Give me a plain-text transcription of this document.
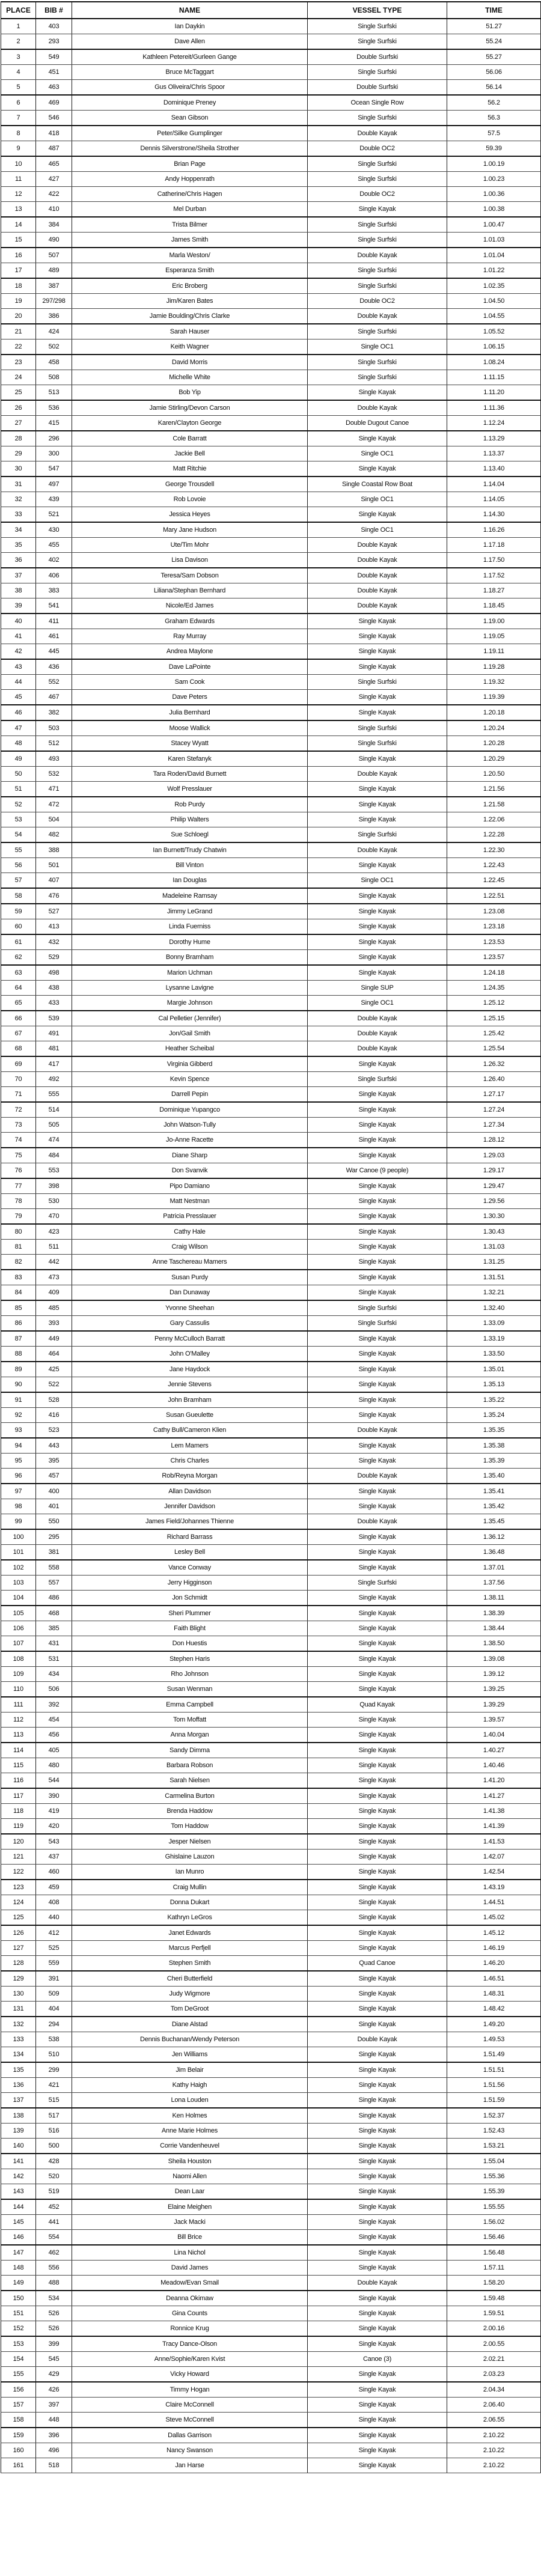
PLACE	BIB #	NAME	VESSEL TYPE	TIME
1	403	Ian Daykin	Single Surfski	51.27
2	293	Dave Allen	Single Surfski	55.24
3	549	Kathleen Petereit/Gurleen Gange	Double Surfski	55.27
4	451	Bruce McTaggart	Single Surfski	56.06
5	463	Gus Oliveira/Chris Spoor	Double Surfski	56.14
6	469	Dominique Preney	Ocean Single Row	56.2
7	546	Sean Gibson	Single Surfski	56.3
8	418	Peter/Silke Gumplinger	Double Kayak	57.5
9	487	Dennis Silverstrone/Sheila Strother	Double OC2	59.39
10	465	Brian Page	Single Surfski	1.00.19
11	427	Andy Hoppenrath	Single Surfski	1.00.23
12	422	Catherine/Chris Hagen	Double OC2	1.00.36
13	410	Mel Durban	Single Kayak	1.00.38
14	384	Trista Bilmer	Single Surfski	1.00.47
15	490	James Smith	Single Surfski	1.01.03
16	507	Marla Weston/	Double Kayak	1.01.04
17	489	Esperanza Smith	Single Surfski	1.01.22
18	387	Eric Broberg	Single Surfski	1.02.35
19	297/298	Jim/Karen Bates	Double OC2	1.04.50
20	386	Jamie Boulding/Chris Clarke	Double Kayak	1.04.55
21	424	Sarah Hauser	Single Surfski	1.05.52
22	502	Keith Wagner	Single OC1	1.06.15
23	458	David Morris	Single Surfski	1.08.24
24	508	Michelle White	Single Surfski	1.11.15
25	513	Bob Yip	Single Kayak	1.11.20
26	536	Jamie Stirling/Devon Carson	Double Kayak	1.11.36
27	415	Karen/Clayton George	Double Dugout Canoe	1.12.24
28	296	Cole Barratt	Single Kayak	1.13.29
29	300	Jackie Bell	Single OC1	1.13.37
30	547	Matt Ritchie	Single Kayak	1.13.40
31	497	George Trousdell	Single Coastal Row Boat	1.14.04
32	439	Rob Lovoie	Single OC1	1.14.05
33	521	Jessica Heyes	Single Kayak	1.14.30
34	430	Mary Jane Hudson	Single OC1	1.16.26
35	455	Ute/Tim Mohr	Double Kayak	1.17.18
36	402	Lisa Davison	Double Kayak	1.17.50
37	406	Teresa/Sam Dobson	Double Kayak	1.17.52
38	383	Liliana/Stephan Bernhard	Double Kayak	1.18.27
39	541	Nicole/Ed James	Double Kayak	1.18.45
40	411	Graham Edwards	Single Kayak	1.19.00
41	461	Ray Murray	Single Kayak	1.19.05
42	445	Andrea Maylone	Single Kayak	1.19.11
43	436	Dave LaPointe	Single Kayak	1.19.28
44	552	Sam Cook	Single Surfski	1.19.32
45	467	Dave Peters	Single Kayak	1.19.39
46	382	Julia Bernhard	Single Kayak	1.20.18
47	503	Moose Wallick	Single Surfski	1.20.24
48	512	Stacey Wyatt	Single Surfski	1.20.28
49	493	Karen Stefanyk	Single Kayak	1.20.29
50	532	Tara Roden/David Burnett	Double Kayak	1.20.50
51	471	Wolf Presslauer	Single Kayak	1.21.56
52	472	Rob Purdy	Single Kayak	1.21.58
53	504	Philip Walters	Single Kayak	1.22.06
54	482	Sue Schloegl	Single Surfski	1.22.28
55	388	Ian Burnett/Trudy Chatwin	Double Kayak	1.22.30
56	501	Bill Vinton	Single Kayak	1.22.43
57	407	Ian Douglas	Single OC1	1.22.45
58	476	Madeleine Ramsay	Single Kayak	1.22.51
59	527	Jimmy LeGrand	Single Kayak	1.23.08
60	413	Linda Fuerniss	Single Kayak	1.23.18
61	432	Dorothy Hume	Single Kayak	1.23.53
62	529	Bonny Bramham	Single Kayak	1.23.57
63	498	Marion Uchman	Single Kayak	1.24.18
64	438	Lysanne Lavigne	Single SUP	1.24.35
65	433	Margie Johnson	Single OC1	1.25.12
66	539	Cal Pelletier (Jennifer)	Double Kayak	1.25.15
67	491	Jon/Gail Smith	Double Kayak	1.25.42
68	481	Heather Scheibal	Double Kayak	1.25.54
69	417	Virginia Gibberd	Single Kayak	1.26.32
70	492	Kevin Spence	Single Surfski	1.26.40
71	555	Darrell Pepin	Single Kayak	1.27.17
72	514	Dominique Yupangco	Single Kayak	1.27.24
73	505	John Watson-Tully	Single Kayak	1.27.34
74	474	Jo-Anne Racette	Single Kayak	1.28.12
75	484	Diane Sharp	Single Kayak	1.29.03
76	553	Don Svanvik	War Canoe (9 people)	1.29.17
77	398	Pipo Damiano	Single Kayak	1.29.47
78	530	Matt Nestman	Single Kayak	1.29.56
79	470	Patricia Presslauer	Single Kayak	1.30.30
80	423	Cathy Hale	Single Kayak	1.30.43
81	511	Craig Wilson	Single Kayak	1.31.03
82	442	Anne Taschereau Mamers	Single Kayak	1.31.25
83	473	Susan Purdy	Single Kayak	1.31.51
84	409	Dan Dunaway	Single Kayak	1.32.21
85	485	Yvonne Sheehan	Single Surfski	1.32.40
86	393	Gary Cassulis	Single Surfski	1.33.09
87	449	Penny McCulloch Barratt	Single Kayak	1.33.19
88	464	John O'Malley	Single Kayak	1.33.50
89	425	Jane Haydock	Single Kayak	1.35.01
90	522	Jennie Stevens	Single Kayak	1.35.13
91	528	John Bramham	Single Kayak	1.35.22
92	416	Susan Gueulette	Single Kayak	1.35.24
93	523	Cathy Bull/Cameron Klien	Double Kayak	1.35.35
94	443	Lem Mamers	Single Kayak	1.35.38
95	395	Chris Charles	Single Kayak	1.35.39
96	457	Rob/Reyna Morgan	Double Kayak	1.35.40
97	400	Allan Davidson	Single Kayak	1.35.41
98	401	Jennifer Davidson	Single Kayak	1.35.42
99	550	James Field/Johannes Thienne	Double Kayak	1.35.45
100	295	Richard Barrass	Single Kayak	1.36.12
101	381	Lesley Bell	Single Kayak	1.36.48
102	558	Vance Conway	Single Kayak	1.37.01
103	557	Jerry Higginson	Single Surfski	1.37.56
104	486	Jon Schmidt	Single Kayak	1.38.11
105	468	Sheri Plummer	Single Kayak	1.38.39
106	385	Faith Blight	Single Kayak	1.38.44
107	431	Don Huestis	Single Kayak	1.38.50
108	531	Stephen Haris	Single Kayak	1.39.08
109	434	Rho Johnson	Single Kayak	1.39.12
110	506	Susan Wenman	Single Kayak	1.39.25
111	392	Emma Campbell	Quad Kayak	1.39.29
112	454	Tom Moffatt	Single Kayak	1.39.57
113	456	Anna Morgan	Single Kayak	1.40.04
114	405	Sandy Dimma	Single Kayak	1.40.27
115	480	Barbara Robson	Single Kayak	1.40.46
116	544	Sarah Nielsen	Single Kayak	1.41.20
117	390	Carmelina Burton	Single Kayak	1.41.27
118	419	Brenda Haddow	Single Kayak	1.41.38
119	420	Tom Haddow	Single Kayak	1.41.39
120	543	Jesper Nielsen	Single Kayak	1.41.53
121	437	Ghislaine Lauzon	Single Kayak	1.42.07
122	460	Ian Munro	Single Kayak	1.42.54
123	459	Craig Mullin	Single Kayak	1.43.19
124	408	Donna Dukart	Single Kayak	1.44.51
125	440	Kathryn LeGros	Single Kayak	1.45.02
126	412	Janet Edwards	Single Kayak	1.45.12
127	525	Marcus Perfjell	Single Kayak	1.46.19
128	559	Stephen Smith	Quad Canoe	1.46.20
129	391	Cheri Butterfield	Single Kayak	1.46.51
130	509	Judy Wigmore	Single Kayak	1.48.31
131	404	Tom DeGroot	Single Kayak	1.48.42
132	294	Diane Alstad	Single Kayak	1.49.20
133	538	Dennis Buchanan/Wendy Peterson	Double Kayak	1.49.53
134	510	Jen Williams	Single Kayak	1.51.49
135	299	Jim Belair	Single Kayak	1.51.51
136	421	Kathy Haigh	Single Kayak	1.51.56
137	515	Lona Louden	Single Kayak	1.51.59
138	517	Ken Holmes	Single Kayak	1.52.37
139	516	Anne Marie Holmes	Single Kayak	1.52.43
140	500	Corrie Vandenheuvel	Single Kayak	1.53.21
141	428	Sheila Houston	Single Kayak	1.55.04
142	520	Naomi Allen	Single Kayak	1.55.36
143	519	Dean Laar	Single Kayak	1.55.39
144	452	Elaine Meighen	Single Kayak	1.55.55
145	441	Jack Macki	Single Kayak	1.56.02
146	554	Bill Brice	Single Kayak	1.56.46
147	462	Lina Nichol	Single Kayak	1.56.48
148	556	David James	Single Kayak	1.57.11
149	488	Meadow/Evan Smail	Double Kayak	1.58.20
150	534	Deanna Okimaw	Single Kayak	1.59.48
151	526	Gina Counts	Single Kayak	1.59.51
152	526	Ronnice Krug	Single Kayak	2.00.16
153	399	Tracy Dance-Olson	Single Kayak	2.00.55
154	545	Anne/Sophie/Karen Kvist	Canoe (3)	2.02.21
155	429	Vicky Howard	Single Kayak	2.03.23
156	426	Timmy Hogan	Single Kayak	2.04.34
157	397	Claire McConnell	Single Kayak	2.06.40
158	448	Steve McConnell	Single Kayak	2.06.55
159	396	Dallas Garrison	Single Kayak	2.10.22
160	496	Nancy Swanson	Single Kayak	2.10.22
161	518	Jan Harse	Single Kayak	2.10.22
